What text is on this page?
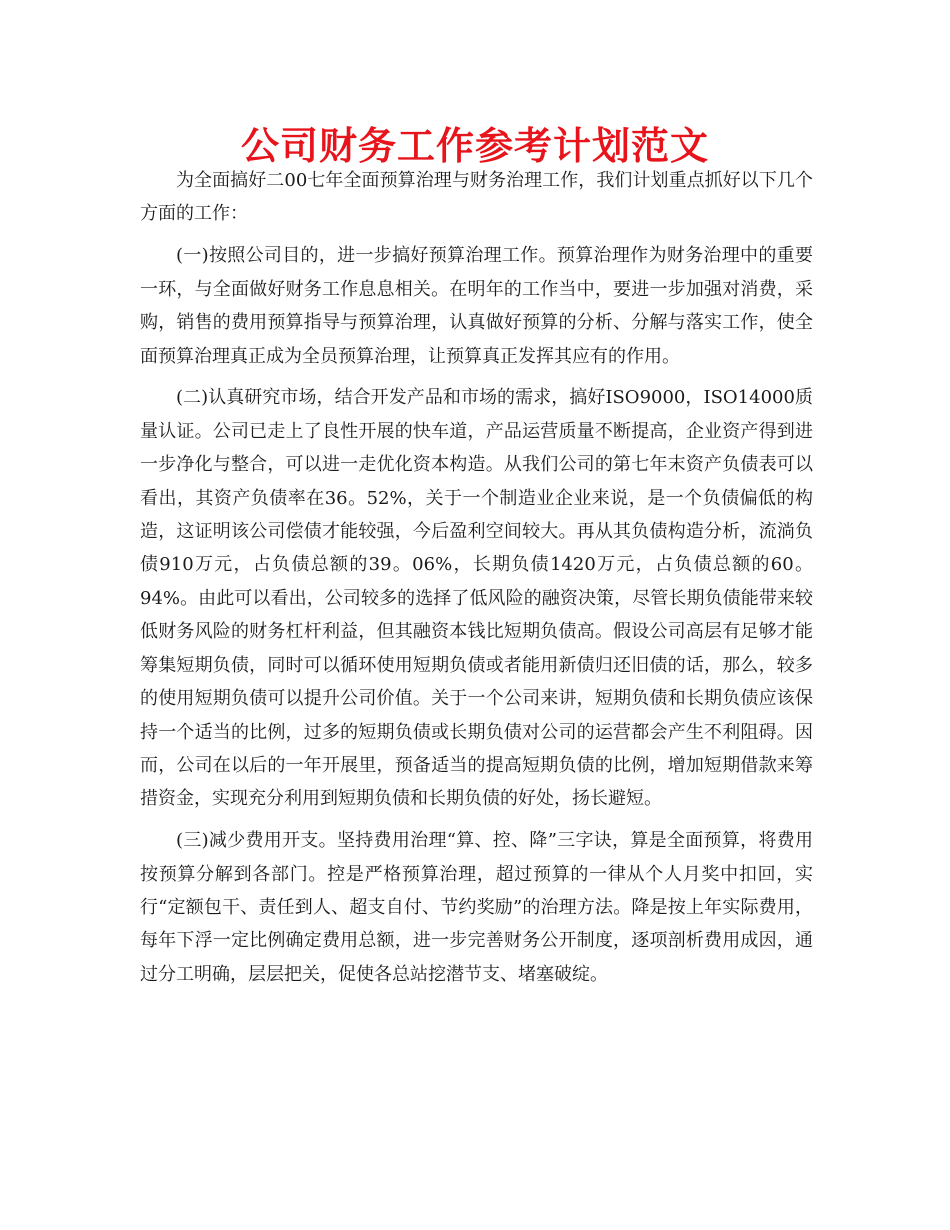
公司财务工作参考计划范文

为全面搞好二00七年全面预算治理与财务治理工作，我们计划重点抓好以下几个方面的工作：

(一)按照公司目的，进一步搞好预算治理工作。预算治理作为财务治理中的重要一环，与全面做好财务工作息息相关。在明年的工作当中，要进一步加强对消费，采购，销售的费用预算指导与预算治理，认真做好预算的分析、分解与落实工作，使全面预算治理真正成为全员预算治理，让预算真正发挥其应有的作用。

(二)认真研究市场，结合开发产品和市场的需求，搞好ISO9000，ISO14000质量认证。公司已走上了良性开展的快车道，产品运营质量不断提高，企业资产得到进一步净化与整合，可以进一走优化资本构造。从我们公司的第七年末资产负债表可以看出，其资产负债率在36。52%，关于一个制造业企业来说，是一个负债偏低的构造，这证明该公司偿债才能较强，今后盈利空间较大。再从其负债构造分析，流淌负债910万元，占负债总额的39。06%，长期负债1420万元，占负债总额的60。94%。由此可以看出，公司较多的选择了低风险的融资决策，尽管长期负债能带来较低财务风险的财务杠杆利益，但其融资本钱比短期负债高。假设公司高层有足够才能筹集短期负债，同时可以循环使用短期负债或者能用新债归还旧债的话，那么，较多的使用短期负债可以提升公司价值。关于一个公司来讲，短期负债和长期负债应该保持一个适当的比例，过多的短期负债或长期负债对公司的运营都会产生不利阻碍。因而，公司在以后的一年开展里，预备适当的提高短期负债的比例，增加短期借款来筹措资金，实现充分利用到短期负债和长期负债的好处，扬长避短。

(三)减少费用开支。坚持费用治理“算、控、降”三字诀，算是全面预算，将费用按预算分解到各部门。控是严格预算治理，超过预算的一律从个人月奖中扣回，实行“定额包干、责任到人、超支自付、节约奖励”的治理方法。降是按上年实际费用，每年下浮一定比例确定费用总额，进一步完善财务公开制度，逐项剖析费用成因，通过分工明确，层层把关，促使各总站挖潜节支、堵塞破绽。
